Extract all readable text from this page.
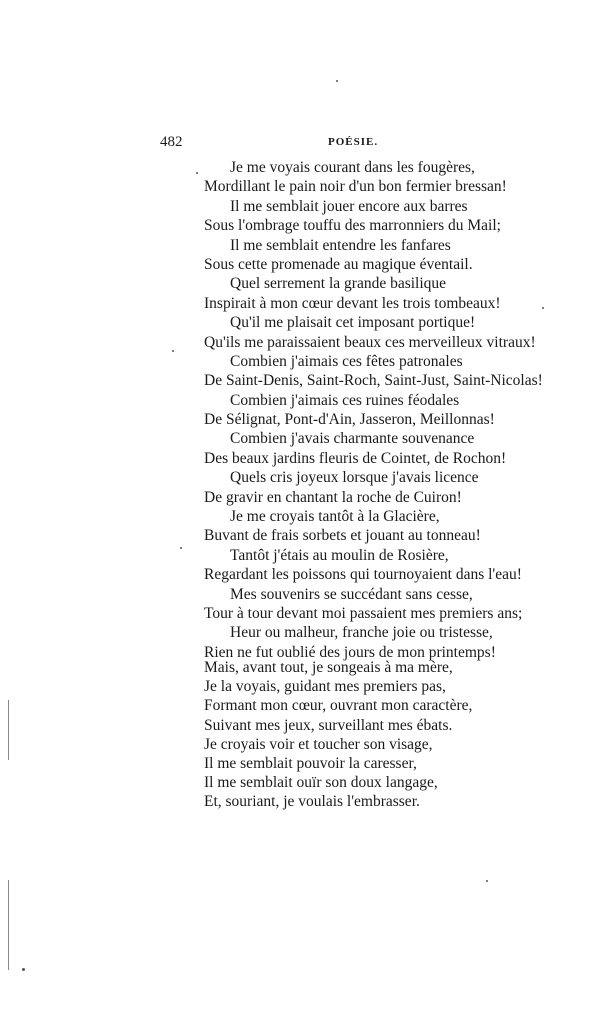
482	POÉSIE.
Je me voyais courant dans les fougères,
Mordillant le pain noir d'un bon fermier bressan!
Il me semblait jouer encore aux barres
Sous l'ombrage touffu des marronniers du Mail;
Il me semblait entendre les fanfares
Sous cette promenade au magique éventail.
Quel serrement la grande basilique
Inspirait à mon cœur devant les trois tombeaux!
Qu'il me plaisait cet imposant portique!
Qu'ils me paraissaient beaux ces merveilleux vitraux!
Combien j'aimais ces fêtes patronales
De Saint-Denis, Saint-Roch, Saint-Just, Saint-Nicolas!
Combien j'aimais ces ruines féodales
De Sélignat, Pont-d'Ain, Jasseron, Meillonnas!
Combien j'avais charmante souvenance
Des beaux jardins fleuris de Cointet, de Rochon!
Quels cris joyeux lorsque j'avais licence
De gravir en chantant la roche de Cuiron!
Je me croyais tantôt à la Glacière,
Buvant de frais sorbets et jouant au tonneau!
Tantôt j'étais au moulin de Rosière,
Regardant les poissons qui tournoyaient dans l'eau!
Mes souvenirs se succédant sans cesse,
Tour à tour devant moi passaient mes premiers ans;
Heur ou malheur, franche joie ou tristesse,
Rien ne fut oublié des jours de mon printemps!
Mais, avant tout, je songeais à ma mère,
Je la voyais, guidant mes premiers pas,
Formant mon cœur, ouvrant mon caractère,
Suivant mes jeux, surveillant mes ébats.
Je croyais voir et toucher son visage,
Il me semblait pouvoir la caresser,
Il me semblait ouïr son doux langage,
Et, souriant, je voulais l'embrasser.
